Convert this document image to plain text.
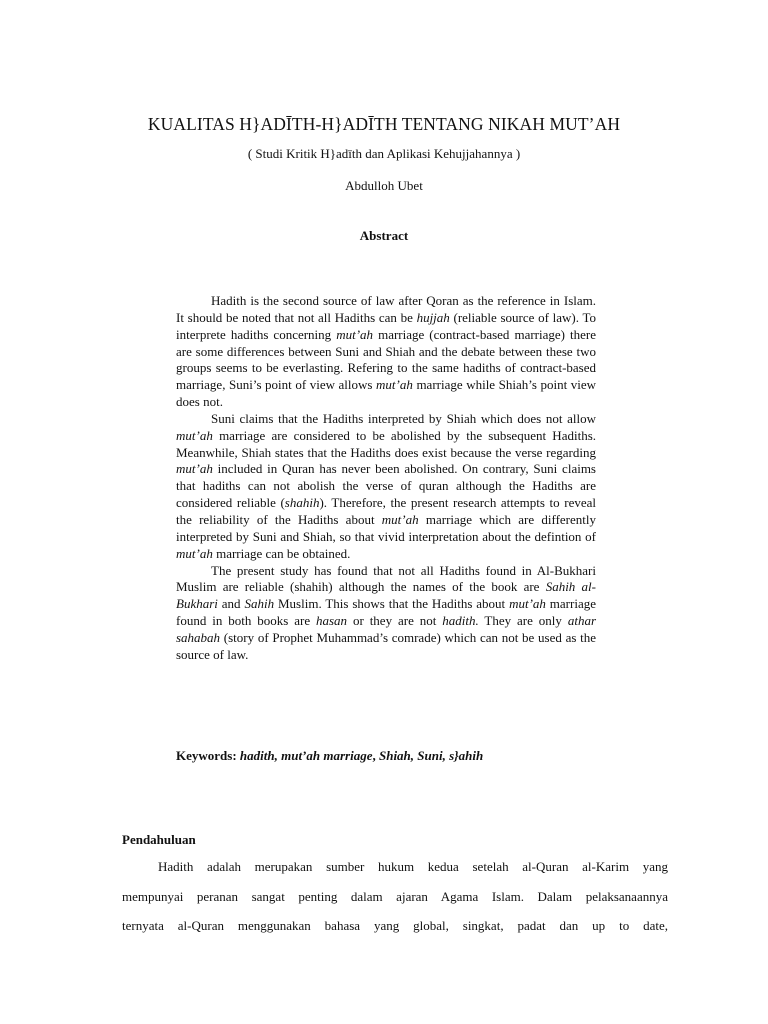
KUALITAS H}ADĪTH-H}ADĪTH TENTANG NIKAH MUT’AH
( Studi Kritik H}adīth dan Aplikasi Kehujjahannya )
Abdulloh Ubet
Abstract

Hadith is the second source of law after Qoran as the reference in Islam. It should be noted that not all Hadiths can be hujjah (reliable source of law). To interprete hadiths concerning mut’ah marriage (contract-based marriage) there are some differences between Suni and Shiah and the debate between these two groups seems to be everlasting. Refering to the same hadiths of contract-based marriage, Suni’s point of view allows mut’ah marriage while Shiah’s point view does not.

Suni claims that the Hadiths interpreted by Shiah which does not allow mut’ah marriage are considered to be abolished by the subsequent Hadiths. Meanwhile, Shiah states that the Hadiths does exist because the verse regarding mut’ah included in Quran has never been abolished. On contrary, Suni claims that hadiths can not abolish the verse of quran although the Hadiths are considered reliable (shahih). Therefore, the present research attempts to reveal the reliability of the Hadiths about mut’ah marriage which are differently interpreted by Suni and Shiah, so that vivid interpretation about the defintion of mut’ah marriage can be obtained.

The present study has found that not all Hadiths found in Al-Bukhari Muslim are reliable (shahih) although the names of the book are Sahih al-Bukhari and Sahih Muslim. This shows that the Hadiths about mut’ah marriage found in both books are hasan or they are not hadith. They are only athar sahabah (story of Prophet Muhammad’s comrade) which can not be used as the source of law.

Keywords: hadith, mut’ah marriage, Shiah, Suni, s}ahih
Pendahuluan
Hadith adalah merupakan sumber hukum kedua setelah al-Quran al-Karim yang
mempunyai peranan sangat penting dalam ajaran Agama Islam. Dalam pelaksanaannya
ternyata al-Quran menggunakan bahasa yang global, singkat, padat dan up to date,
